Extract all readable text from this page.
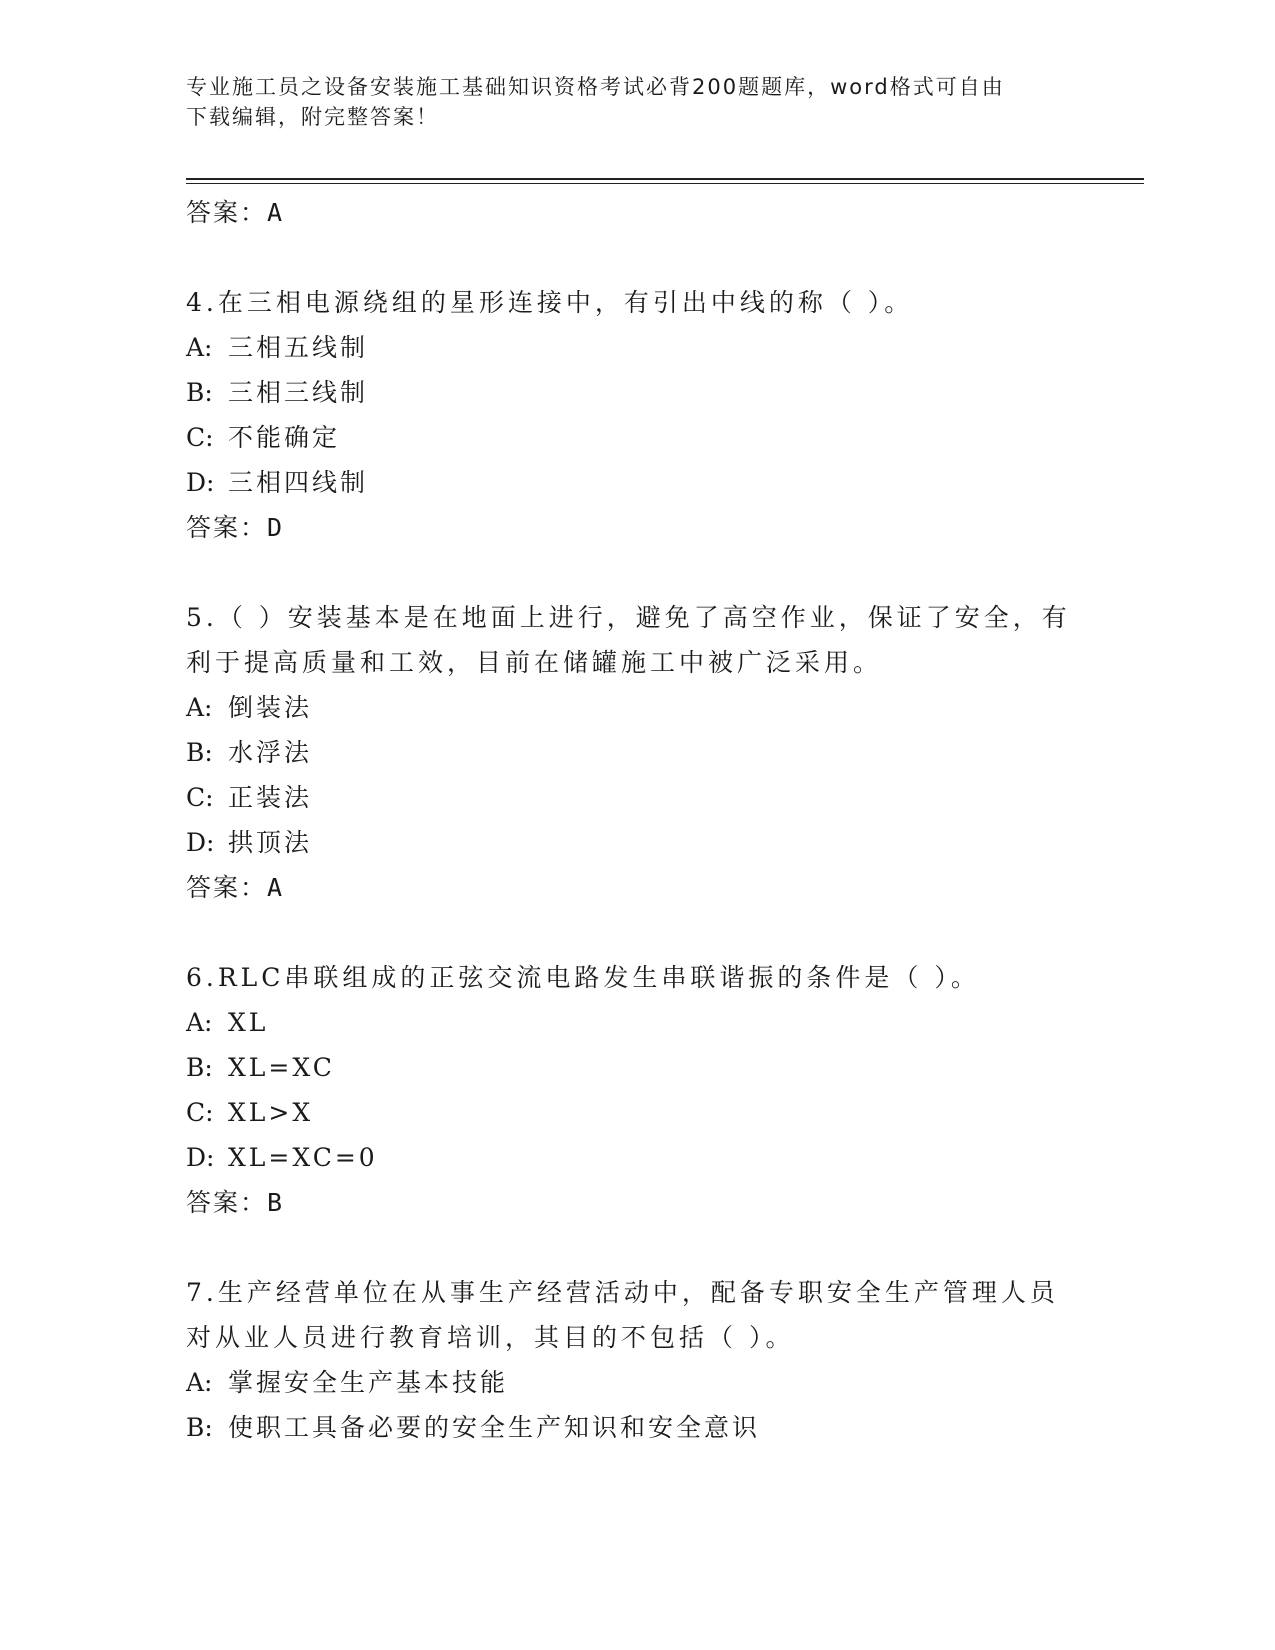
专业施工员之设备安装施工基础知识资格考试必背200题题库，word格式可自由
下载编辑，附完整答案！
答案：A
4.在三相电源绕组的星形连接中，有引出中线的称（ ）。
A: 三相五线制
B: 三相三线制
C: 不能确定
D: 三相四线制
答案：D
5.（ ）安装基本是在地面上进行，避免了高空作业，保证了安全，有
利于提高质量和工效，目前在储罐施工中被广泛采用。
A: 倒装法
B: 水浮法
C: 正装法
D: 拱顶法
答案：A
6.RLC串联组成的正弦交流电路发生串联谐振的条件是（ ）。
A: XL
B: XL=XC
C: XL>X
D: XL=XC=0
答案：B
7.生产经营单位在从事生产经营活动中，配备专职安全生产管理人员
对从业人员进行教育培训，其目的不包括（ ）。
A: 掌握安全生产基本技能
B: 使职工具备必要的安全生产知识和安全意识
